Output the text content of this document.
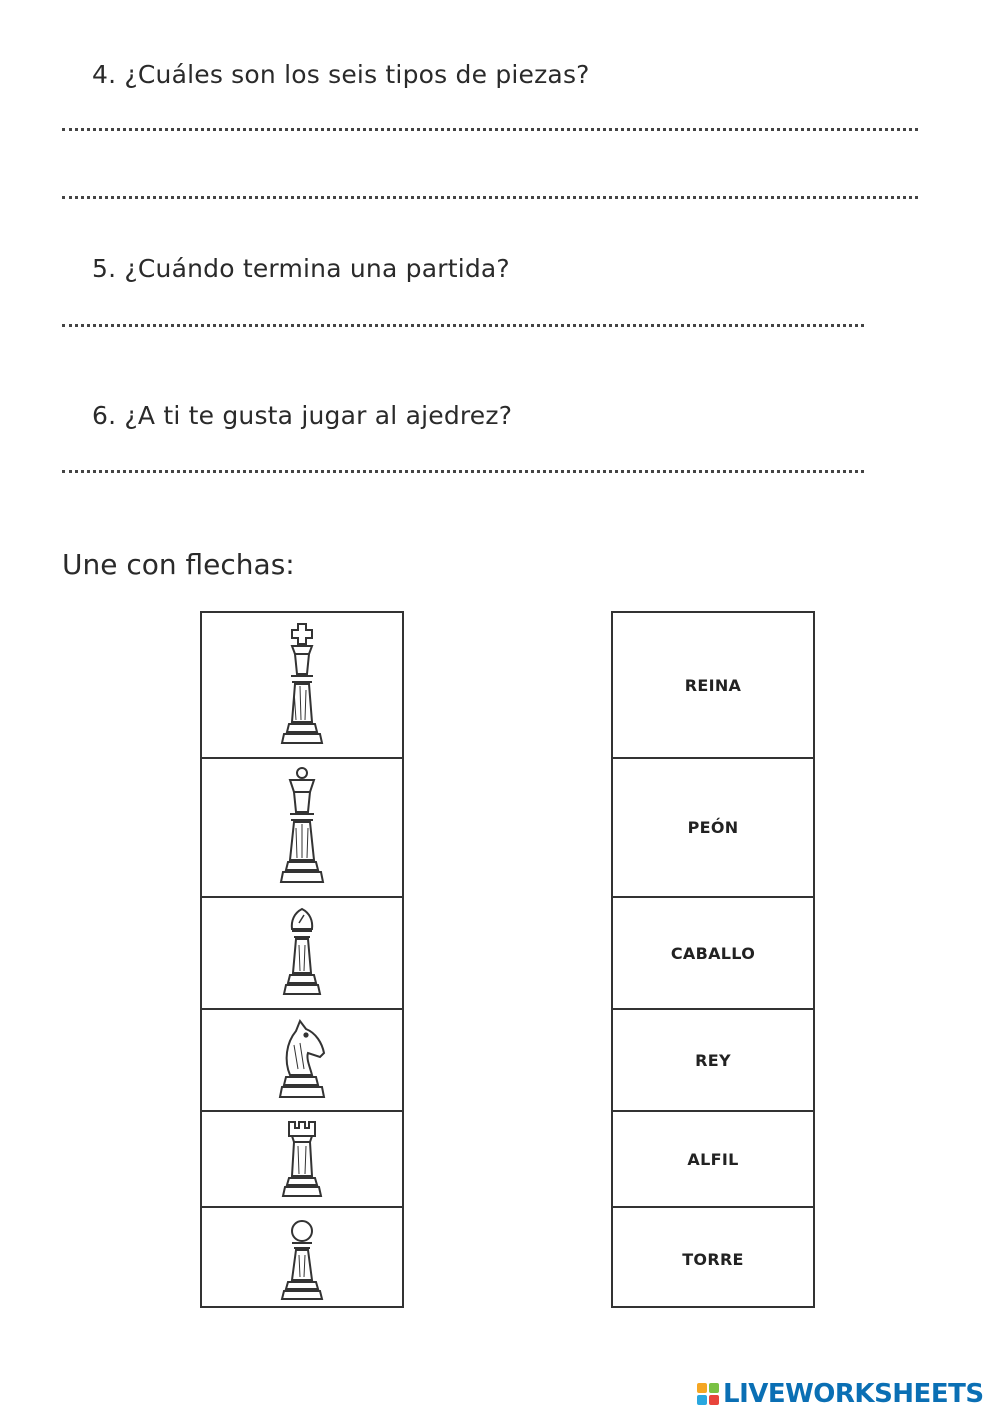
4. ¿Cuáles son los seis tipos de piezas?

5. ¿Cuándo termina una partida?

6. ¿A ti te gusta jugar al ajedrez?

Une con flechas:

REINA
PEÓN
CABALLO
REY
ALFIL
TORRE
LIVEWORKSHEETS
